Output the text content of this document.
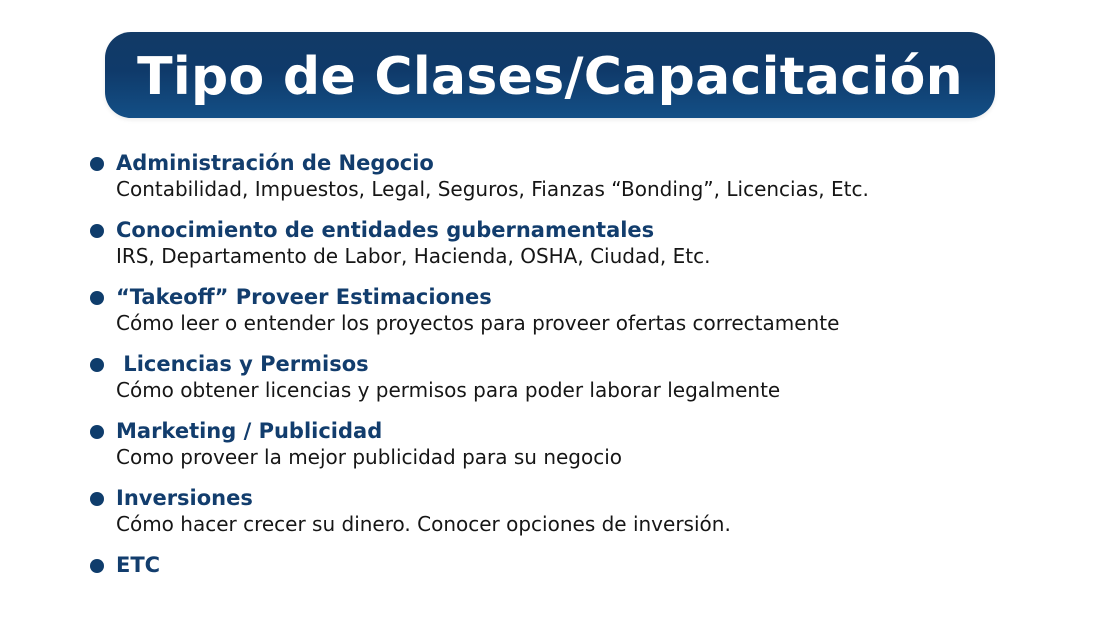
Tipo de Clases/Capacitación
Administración de Negocio
Contabilidad, Impuestos, Legal, Seguros, Fianzas “Bonding”, Licencias, Etc.
Conocimiento de entidades gubernamentales
IRS, Departamento de Labor, Hacienda, OSHA, Ciudad, Etc.
“Takeoff” Proveer Estimaciones
Cómo leer o entender los proyectos para proveer ofertas correctamente
Licencias y Permisos
Cómo obtener licencias y permisos para poder laborar legalmente
Marketing / Publicidad
Como proveer la mejor publicidad para su negocio
Inversiones
Cómo hacer crecer su dinero. Conocer opciones de inversión.
ETC
